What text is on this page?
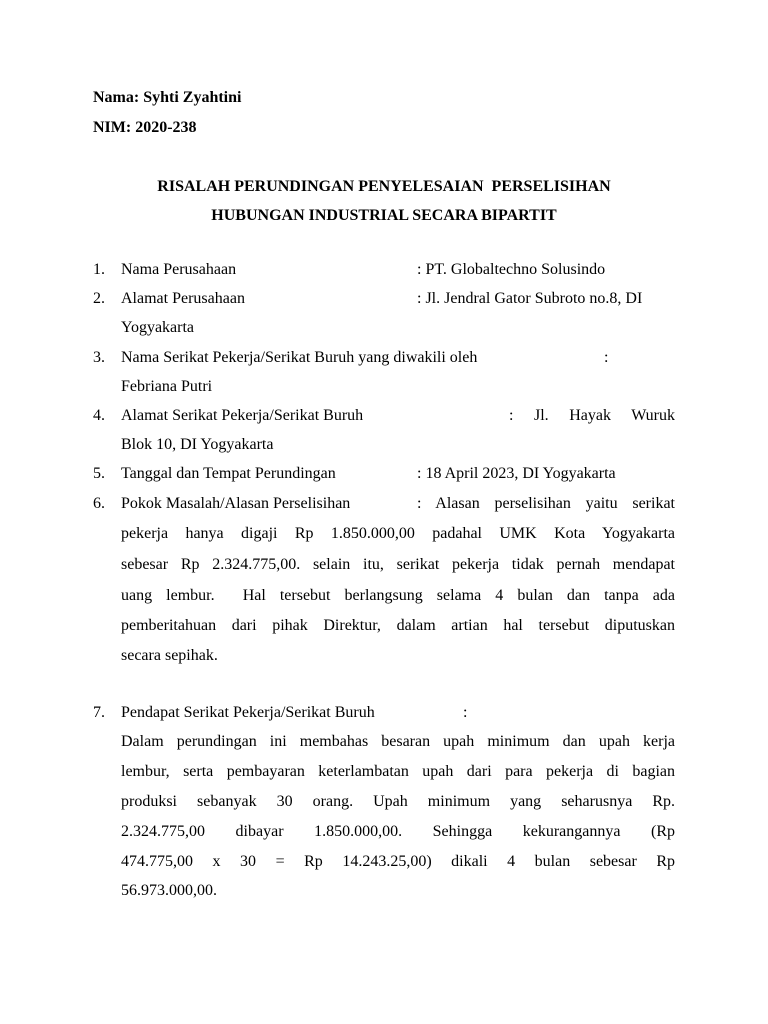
Nama: Syhti Zyahtini
NIM: 2020-238
RISALAH PERUNDINGAN PENYELESAIAN  PERSELISIHAN
HUBUNGAN INDUSTRIAL SECARA BIPARTIT
1. Nama Perusahaan	: PT. Globaltechno Solusindo
2. Alamat Perusahaan	: Jl. Jendral Gator Subroto no.8, DI
Yogyakarta
3. Nama Serikat Pekerja/Serikat Buruh yang diwakili oleh	:
Febriana Putri
4. Alamat Serikat Pekerja/Serikat Buruh	:    Jl.    Hayak    Wuruk
Blok 10, DI Yogyakarta
5. Tanggal dan Tempat Perundingan	: 18 April 2023, DI Yogyakarta
6. Pokok Masalah/Alasan Perselisihan	: Alasan perselisihan yaitu serikat
pekerja hanya digaji Rp 1.850.000,00 padahal UMK Kota Yogyakarta
sebesar Rp 2.324.775,00. selain itu, serikat pekerja tidak pernah mendapat
uang lembur.  Hal tersebut berlangsung selama 4 bulan dan tanpa ada
pemberitahuan dari pihak Direktur, dalam artian hal tersebut diputuskan
secara sepihak.
7. Pendapat Serikat Pekerja/Serikat Buruh	:
Dalam perundingan ini membahas besaran upah minimum dan upah kerja
lembur, serta pembayaran keterlambatan upah dari para pekerja di bagian
produksi sebanyak 30 orang. Upah minimum yang seharusnya Rp.
2.324.775,00 dibayar 1.850.000,00. Sehingga kekurangannya (Rp
474.775,00 x 30 = Rp 14.243.25,00) dikali 4 bulan sebesar Rp
56.973.000,00.
